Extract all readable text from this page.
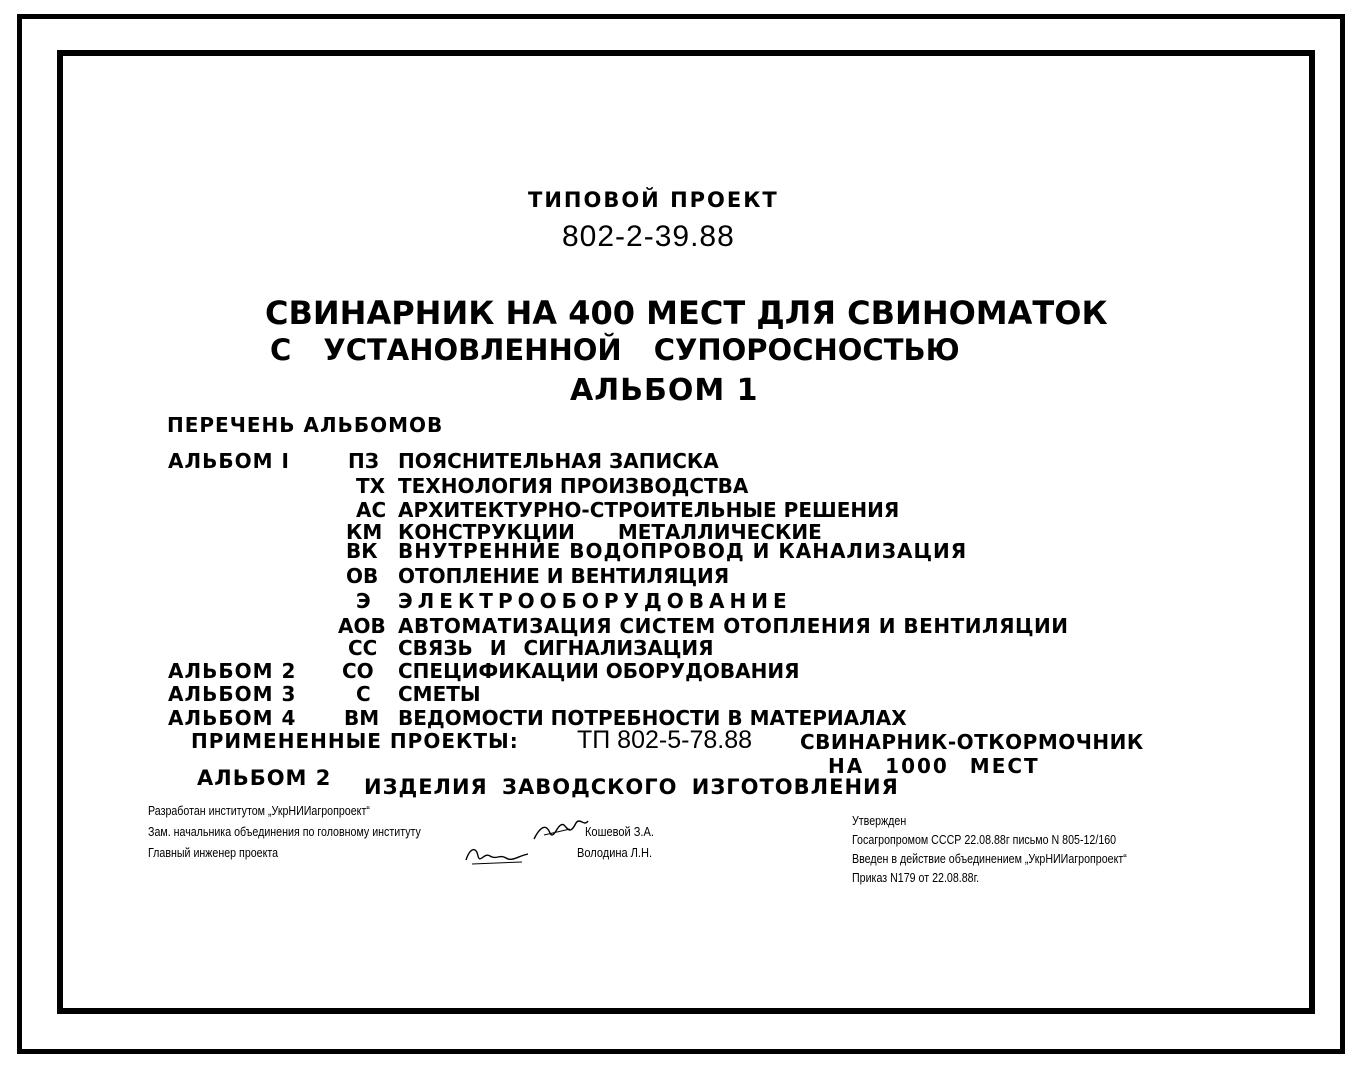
ТИПОВОЙ ПРОЕКТ
802-2-39.88
СВИНАРНИК НА 400 МЕСТ ДЛЯ СВИНОМАТОК
С УСТАНОВЛЕННОЙ СУПОРОСНОСТЬЮ
АЛЬБОМ 1
ПЕРЕЧЕНЬ АЛЬБОМОВ
АЛЬБОМ I	ПЗ ПОЯСНИТЕЛЬНАЯ ЗАПИСКА
ТХ ТЕХНОЛОГИЯ ПРОИЗВОДСТВА
АС АРХИТЕКТУРНО-СТРОИТЕЛЬНЫЕ РЕШЕНИЯ
КМ КОНСТРУКЦИИ МЕТАЛЛИЧЕСКИЕ
ВК ВНУТРЕННИЕ ВОДОПРОВОД И КАНАЛИЗАЦИЯ
ОВ ОТОПЛЕНИЕ И ВЕНТИЛЯЦИЯ
Э ЭЛЕКТРООБОРУДОВАНИЕ
АОВ АВТОМАТИЗАЦИЯ СИСТЕМ ОТОПЛЕНИЯ И ВЕНТИЛЯЦИИ
СС СВЯЗЬ И СИГНАЛИЗАЦИЯ
АЛЬБОМ 2 СО СПЕЦИФИКАЦИИ ОБОРУДОВАНИЯ
АЛЬБОМ 3	С СМЕТЫ
АЛЬБОМ 4 ВМ ВЕДОМОСТИ ПОТРЕБНОСТИ В МАТЕРИАЛАХ
ПРИМЕНЕННЫЕ ПРОЕКТЫ: ТП 802-5-78.88 СВИНАРНИК-ОТКОРМОЧНИК
НА 1000 МЕСТ
АЛЬБОМ 2 ИЗДЕЛИЯ ЗАВОДСКОГО ИЗГОТОВЛЕНИЯ
Разработан институтом „УкрНИИагропроект“
Зам. начальника объединения по головному институту	Кошевой З.А.
Главный инженер проекта	Володина Л.Н.
Утвержден
Госагропромом СССР 22.08.88г письмо N 805-12/160
Введен в действие объединением „УкрНИИагропроект“
Приказ N179 от 22.08.88г.
